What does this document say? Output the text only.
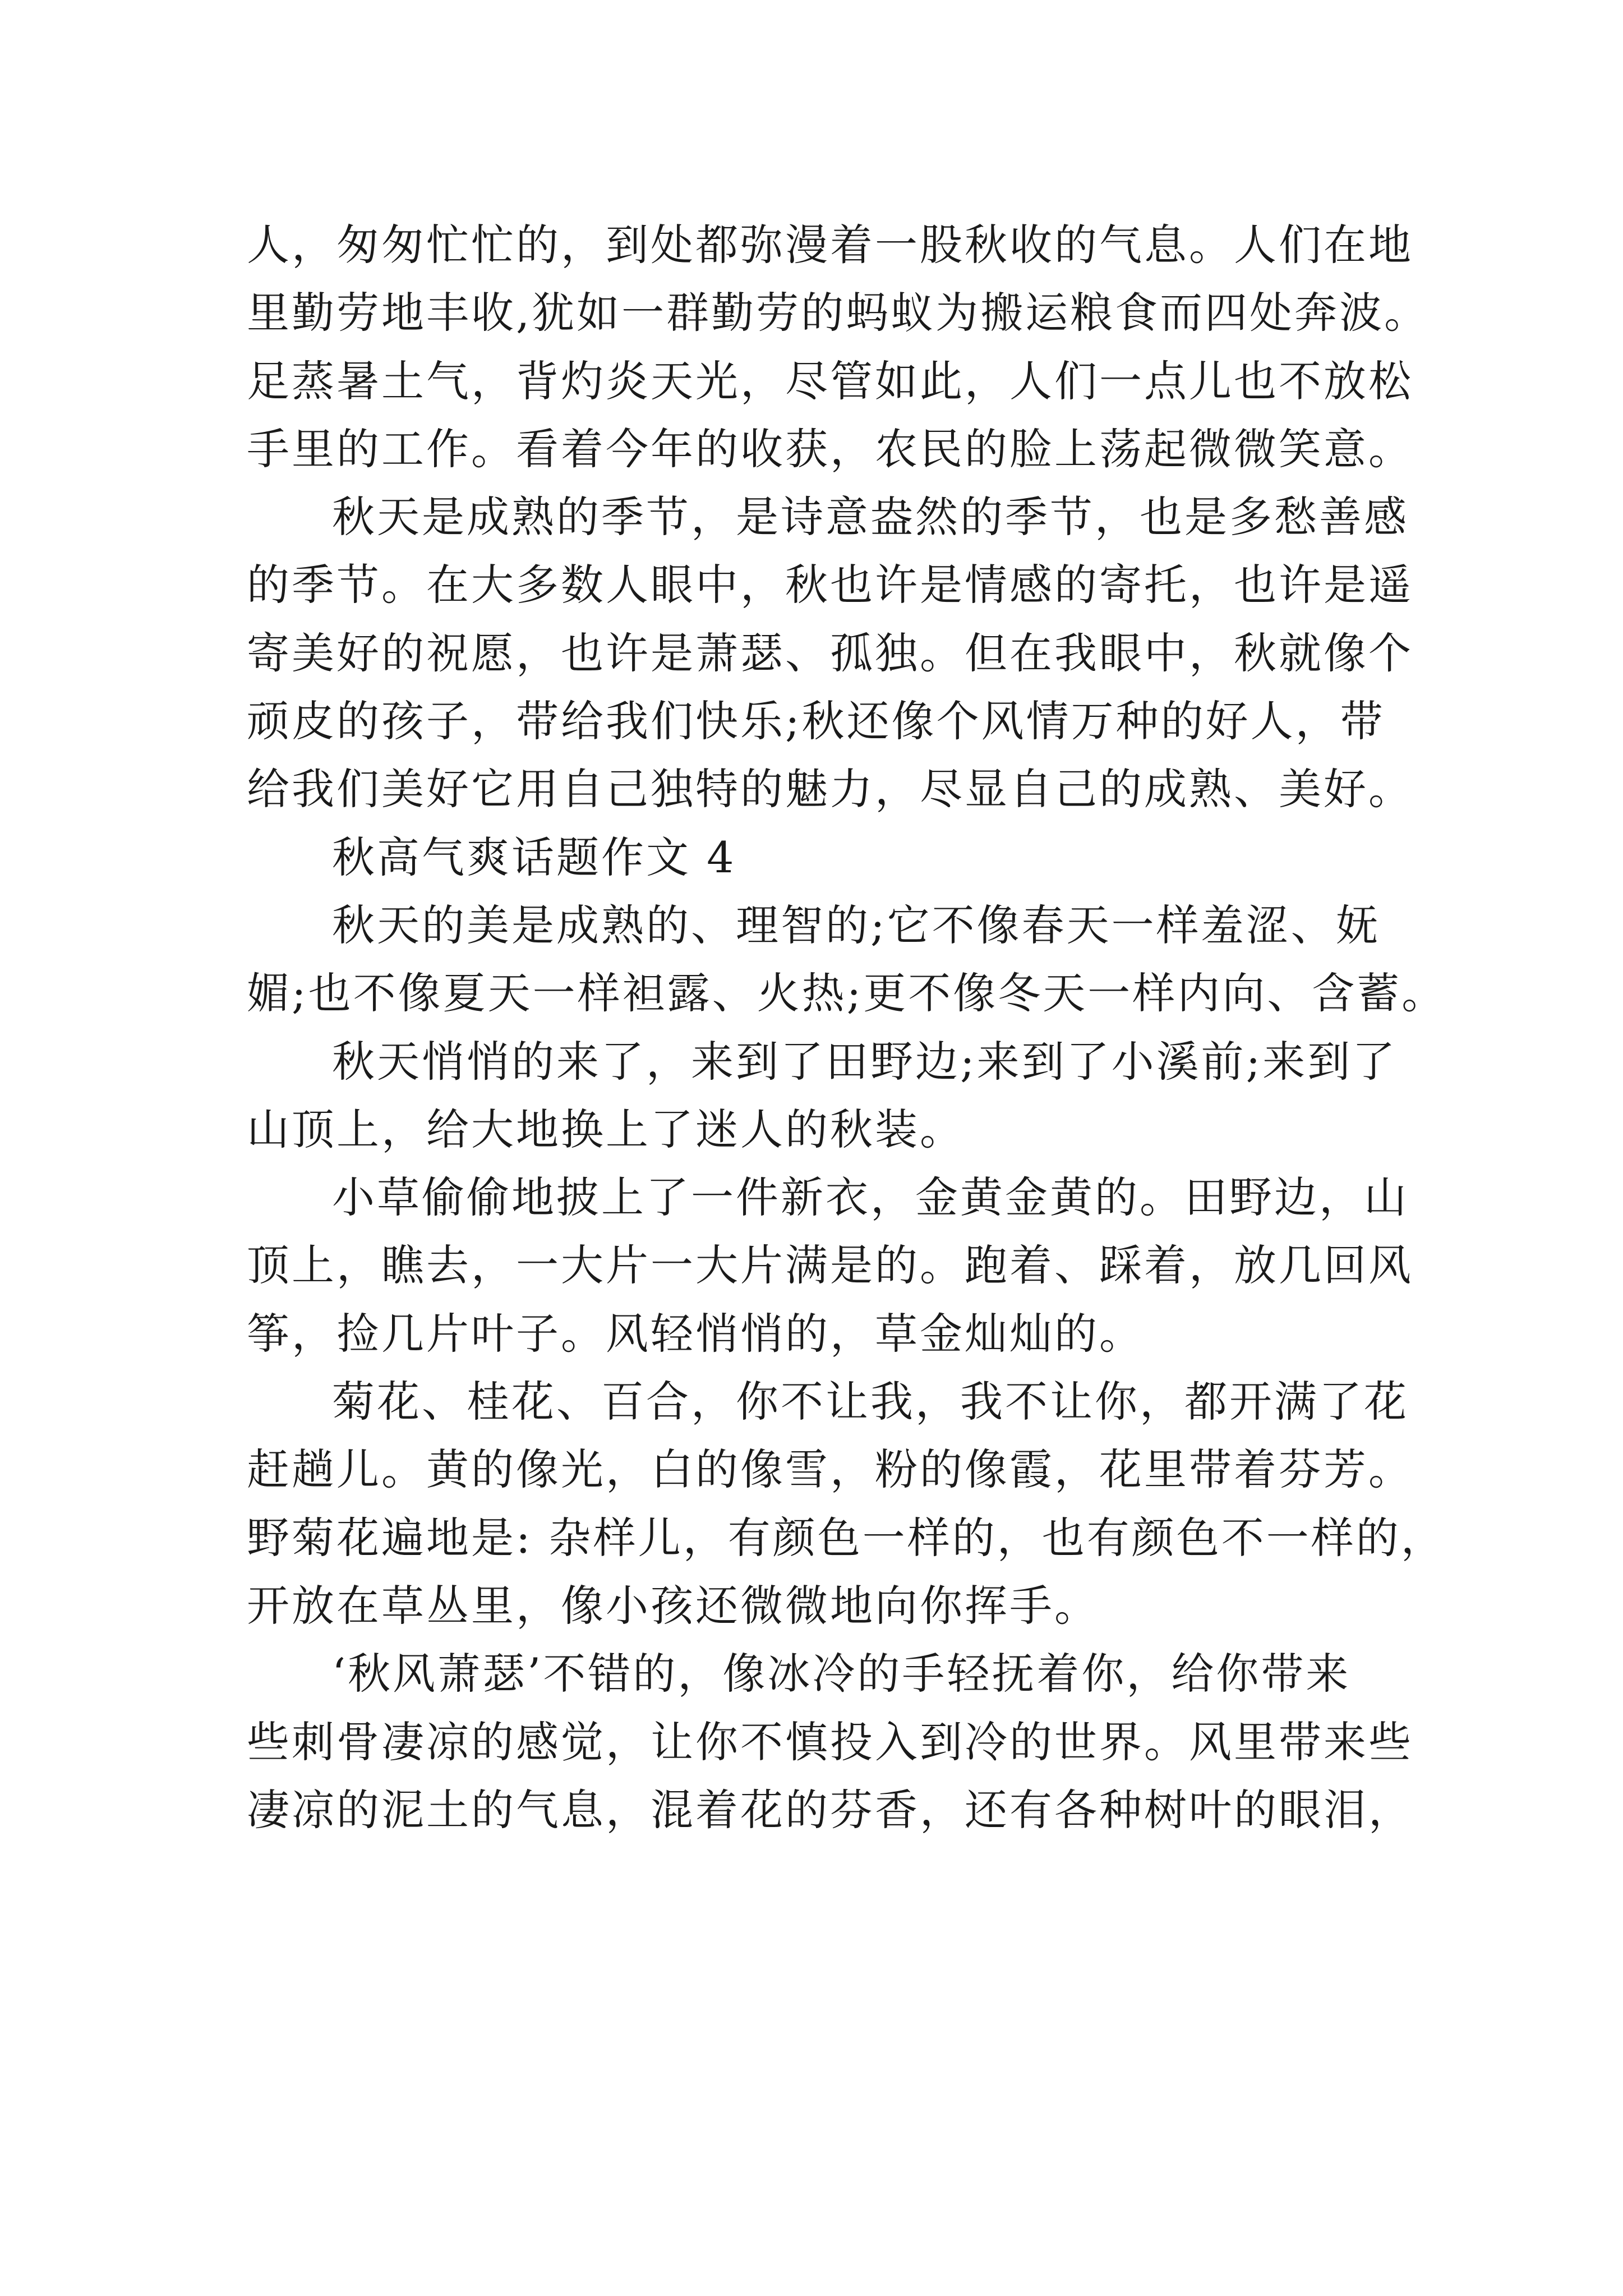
人，匆匆忙忙的，到处都弥漫着一股秋收的气息。人们在地
里勤劳地丰收,犹如一群勤劳的蚂蚁为搬运粮食而四处奔波。
足蒸暑土气，背灼炎天光，尽管如此，人们一点儿也不放松
手里的工作。看着今年的收获，农民的脸上荡起微微笑意。
秋天是成熟的季节，是诗意盎然的季节，也是多愁善感
的季节。在大多数人眼中，秋也许是情感的寄托，也许是遥
寄美好的祝愿，也许是萧瑟、孤独。但在我眼中，秋就像个
顽皮的孩子，带给我们快乐;秋还像个风情万种的好人，带
给我们美好它用自己独特的魅力，尽显自己的成熟、美好。
秋高气爽话题作文 4
秋天的美是成熟的、理智的;它不像春天一样羞涩、妩
媚;也不像夏天一样袒露、火热;更不像冬天一样内向、含蓄。
秋天悄悄的来了，来到了田野边;来到了小溪前;来到了
山顶上，给大地换上了迷人的秋装。
小草偷偷地披上了一件新衣，金黄金黄的。田野边，山
顶上，瞧去，一大片一大片满是的。跑着、踩着，放几回风
筝，捡几片叶子。风轻悄悄的，草金灿灿的。
菊花、桂花、百合，你不让我，我不让你，都开满了花
赶趟儿。黄的像光，白的像雪，粉的像霞，花里带着芬芳。
野菊花遍地是: 杂样儿，有颜色一样的，也有颜色不一样的，
开放在草丛里，像小孩还微微地向你挥手。
‘秋风萧瑟’不错的，像冰冷的手轻抚着你，给你带来
些刺骨凄凉的感觉，让你不慎投入到冷的世界。风里带来些
凄凉的泥土的气息，混着花的芬香，还有各种树叶的眼泪，
